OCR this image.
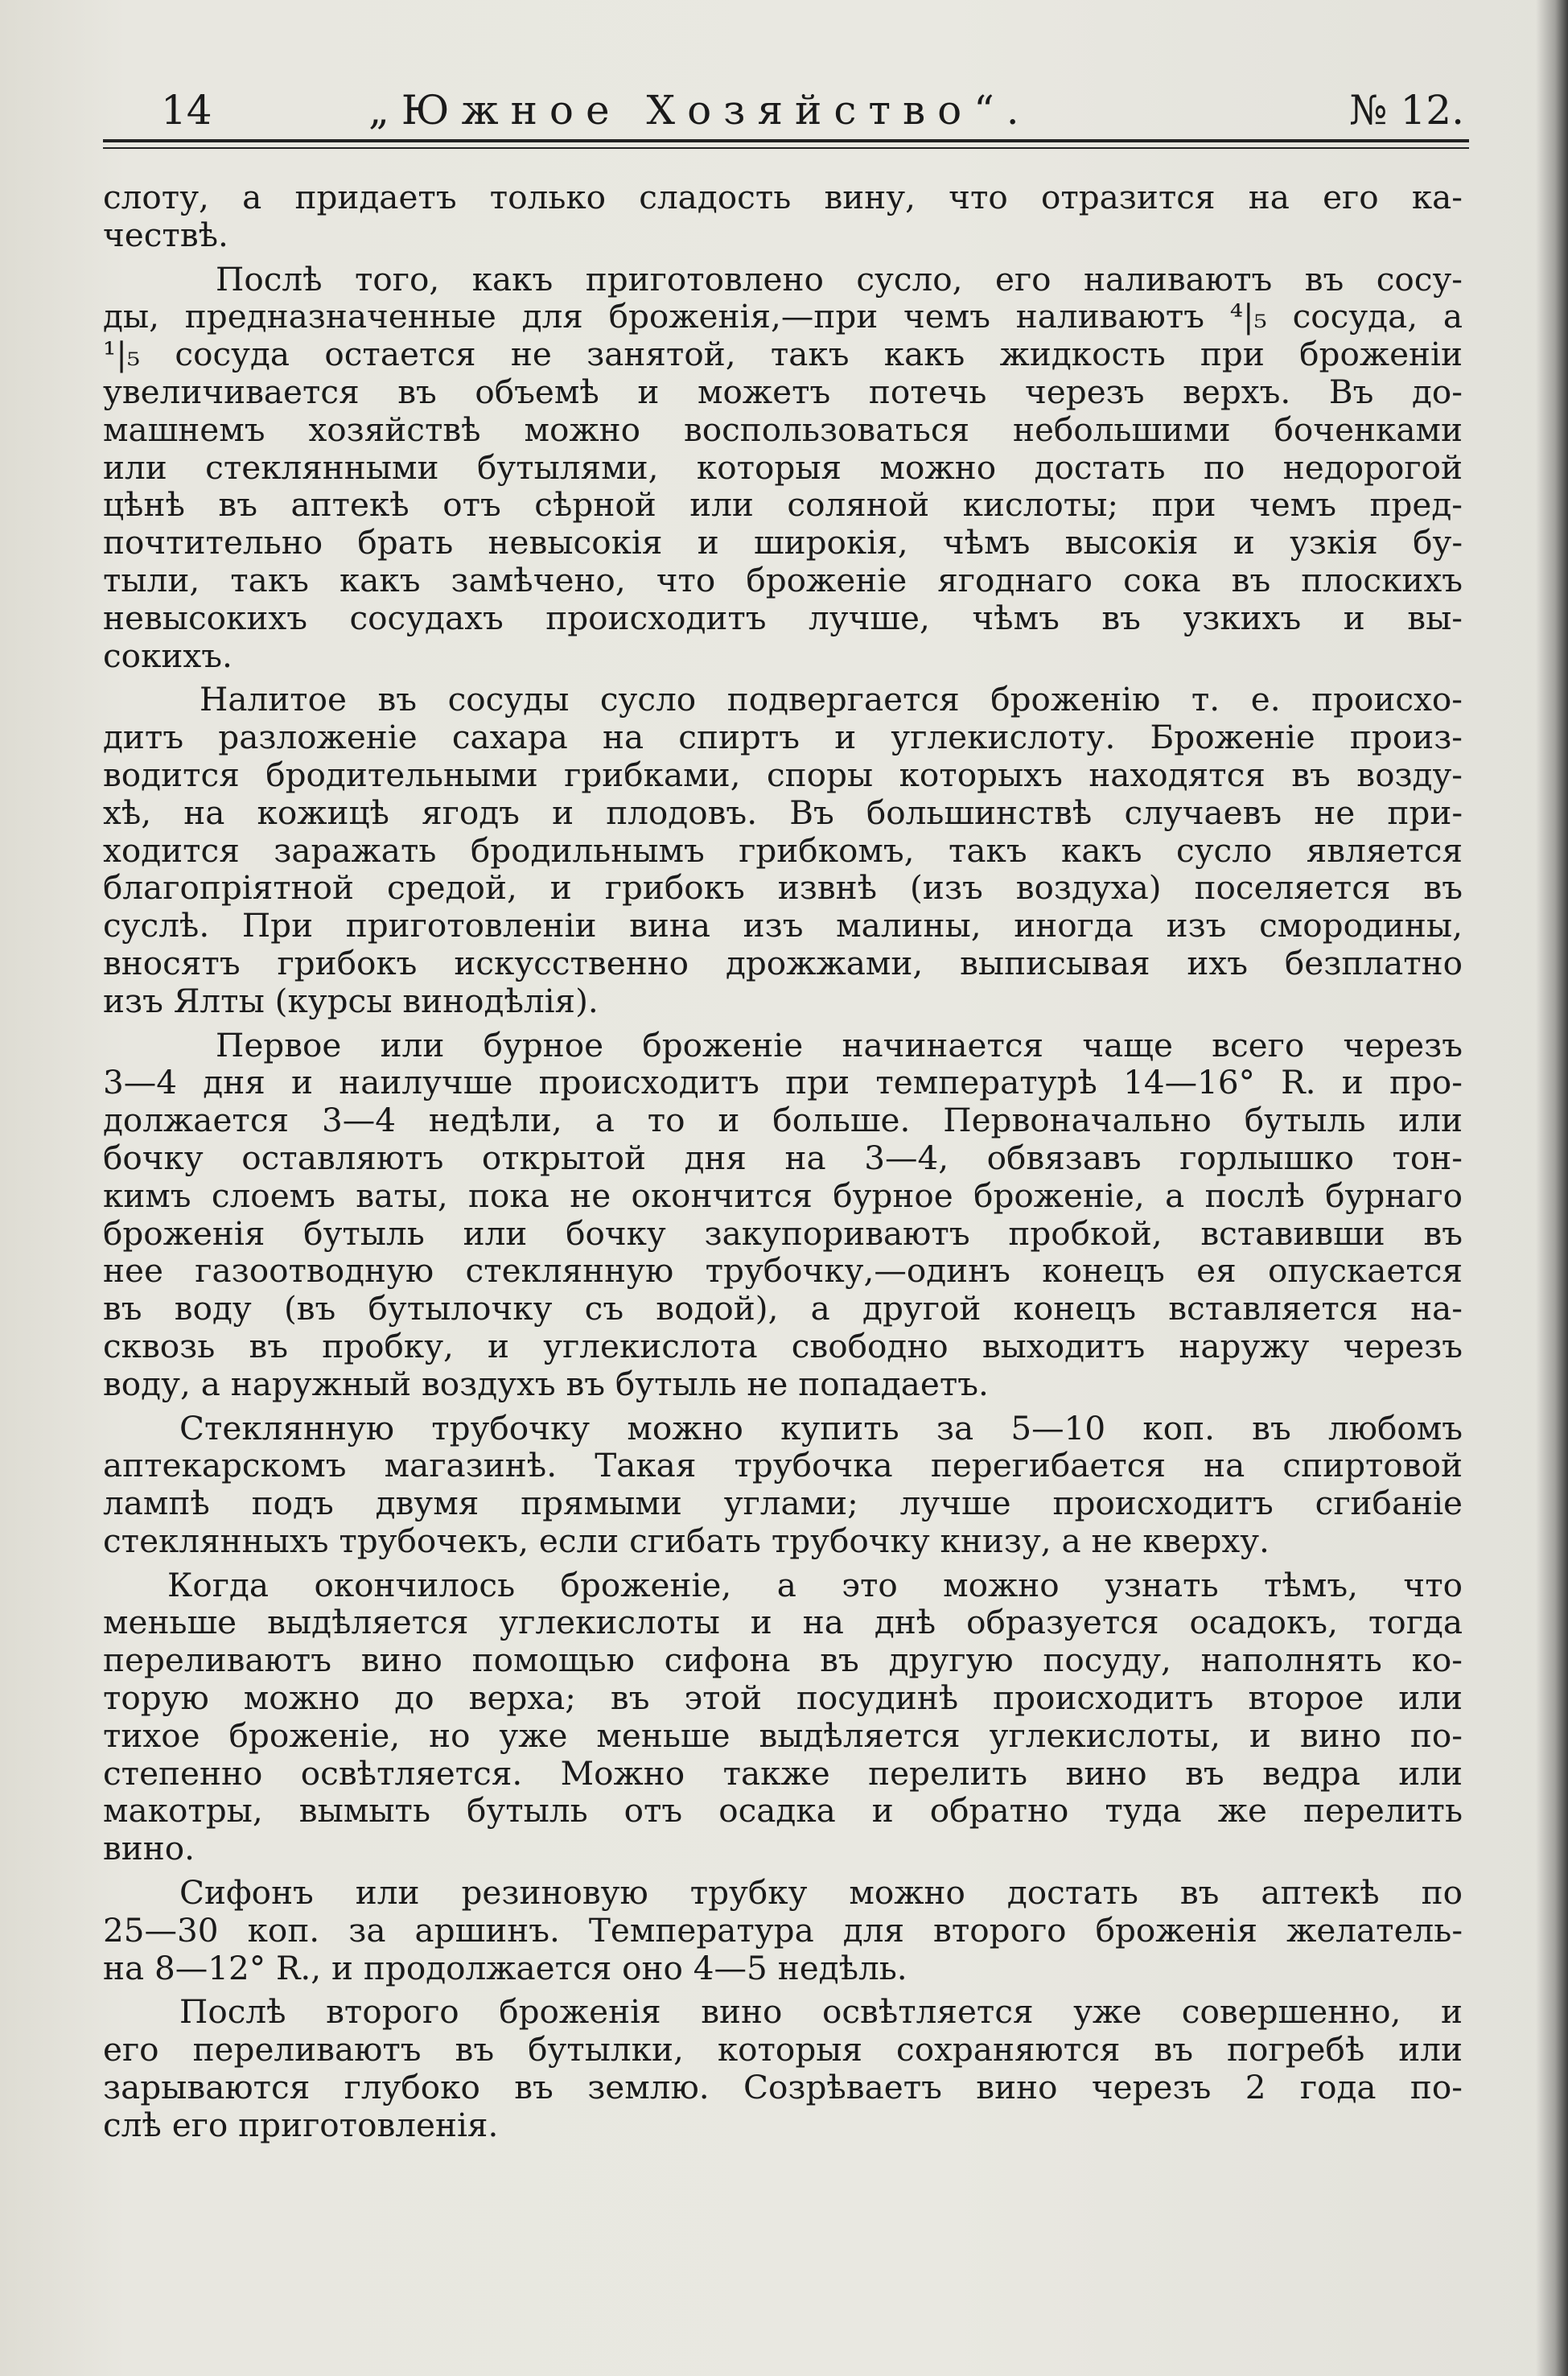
14	„Южное Хозяйство“.	№ 12.
слоту, а придаетъ только сладость вину, что отразится на его ка-
чествѣ.
Послѣ того, какъ приготовлено сусло, его наливаютъ въ сосу-
ды, предназначенные для броженія,—при чемъ наливаютъ ⁴|₅ сосуда, а
¹|₅ сосуда остается не занятой, такъ какъ жидкость при броженіи
увеличивается въ объемѣ и можетъ потечь черезъ верхъ. Въ до-
машнемъ хозяйствѣ можно воспользоваться небольшими боченками
или стеклянными бутылями, которыя можно достать по недорогой
цѣнѣ въ аптекѣ отъ сѣрной или соляной кислоты; при чемъ пред-
почтительно брать невысокія и широкія, чѣмъ высокія и узкія бу-
тыли, такъ какъ замѣчено, что броженіе ягоднаго сока въ плоскихъ
невысокихъ сосудахъ происходитъ лучше, чѣмъ въ узкихъ и вы-
сокихъ.
Налитое въ сосуды сусло подвергается броженію т. е. происхо-
дитъ разложеніе сахара на спиртъ и углекислоту. Броженіе произ-
водится бродительными грибками, споры которыхъ находятся въ возду-
хѣ, на кожицѣ ягодъ и плодовъ. Въ большинствѣ случаевъ не при-
ходится заражать бродильнымъ грибкомъ, такъ какъ сусло является
благопріятной средой, и грибокъ извнѣ (изъ воздуха) поселяется въ
суслѣ. При приготовленіи вина изъ малины, иногда изъ смородины,
вносятъ грибокъ искусственно дрожжами, выписывая ихъ безплатно
изъ Ялты (курсы винодѣлія).
Первое или бурное броженіе начинается чаще всего черезъ
3—4 дня и наилучше происходитъ при температурѣ 14—16° R. и про-
должается 3—4 недѣли, а то и больше. Первоначально бутыль или
бочку оставляютъ открытой дня на 3—4, обвязавъ горлышко тон-
кимъ слоемъ ваты, пока не окончится бурное броженіе, а послѣ бурнаго
броженія бутыль или бочку закупориваютъ пробкой, вставивши въ
нее газоотводную стеклянную трубочку,—одинъ конецъ ея опускается
въ воду (въ бутылочку съ водой), а другой конецъ вставляется на-
сквозь въ пробку, и углекислота свободно выходитъ наружу черезъ
воду, а наружный воздухъ въ бутыль не попадаетъ.
Стеклянную трубочку можно купить за 5—10 коп. въ любомъ
аптекарскомъ магазинѣ. Такая трубочка перегибается на спиртовой
лампѣ подъ двумя прямыми углами; лучше происходитъ сгибаніе
стеклянныхъ трубочекъ, если сгибать трубочку книзу, а не кверху.
Когда окончилось броженіе, а это можно узнать тѣмъ, что
меньше выдѣляется углекислоты и на днѣ образуется осадокъ, тогда
переливаютъ вино помощью сифона въ другую посуду, наполнять ко-
торую можно до верха; въ этой посудинѣ происходитъ второе или
тихое броженіе, но уже меньше выдѣляется углекислоты, и вино по-
степенно освѣтляется. Можно также перелить вино въ ведра или
макотры, вымыть бутыль отъ осадка и обратно туда же перелить
вино.
Сифонъ или резиновую трубку можно достать въ аптекѣ по
25—30 коп. за аршинъ. Температура для второго броженія желатель-
на 8—12° R., и продолжается оно 4—5 недѣль.
Послѣ второго броженія вино освѣтляется уже совершенно, и
его переливаютъ въ бутылки, которыя сохраняются въ погребѣ или
зарываются глубоко въ землю. Созрѣваетъ вино черезъ 2 года по-
слѣ его приготовленія.
